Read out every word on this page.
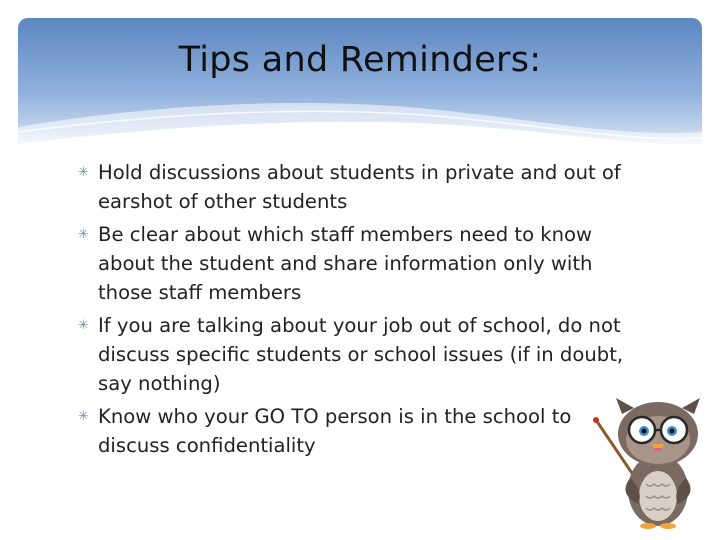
Tips and Reminders:
✳ Hold discussions about students in private and out of earshot of other students
✳ Be clear about which staff members need to know about the student and share information only with those staff members
✳ If you are talking about your job out of school, do not discuss specific students or school issues (if in doubt, say nothing)
✳ Know who your GO TO person is in the school to discuss confidentiality
